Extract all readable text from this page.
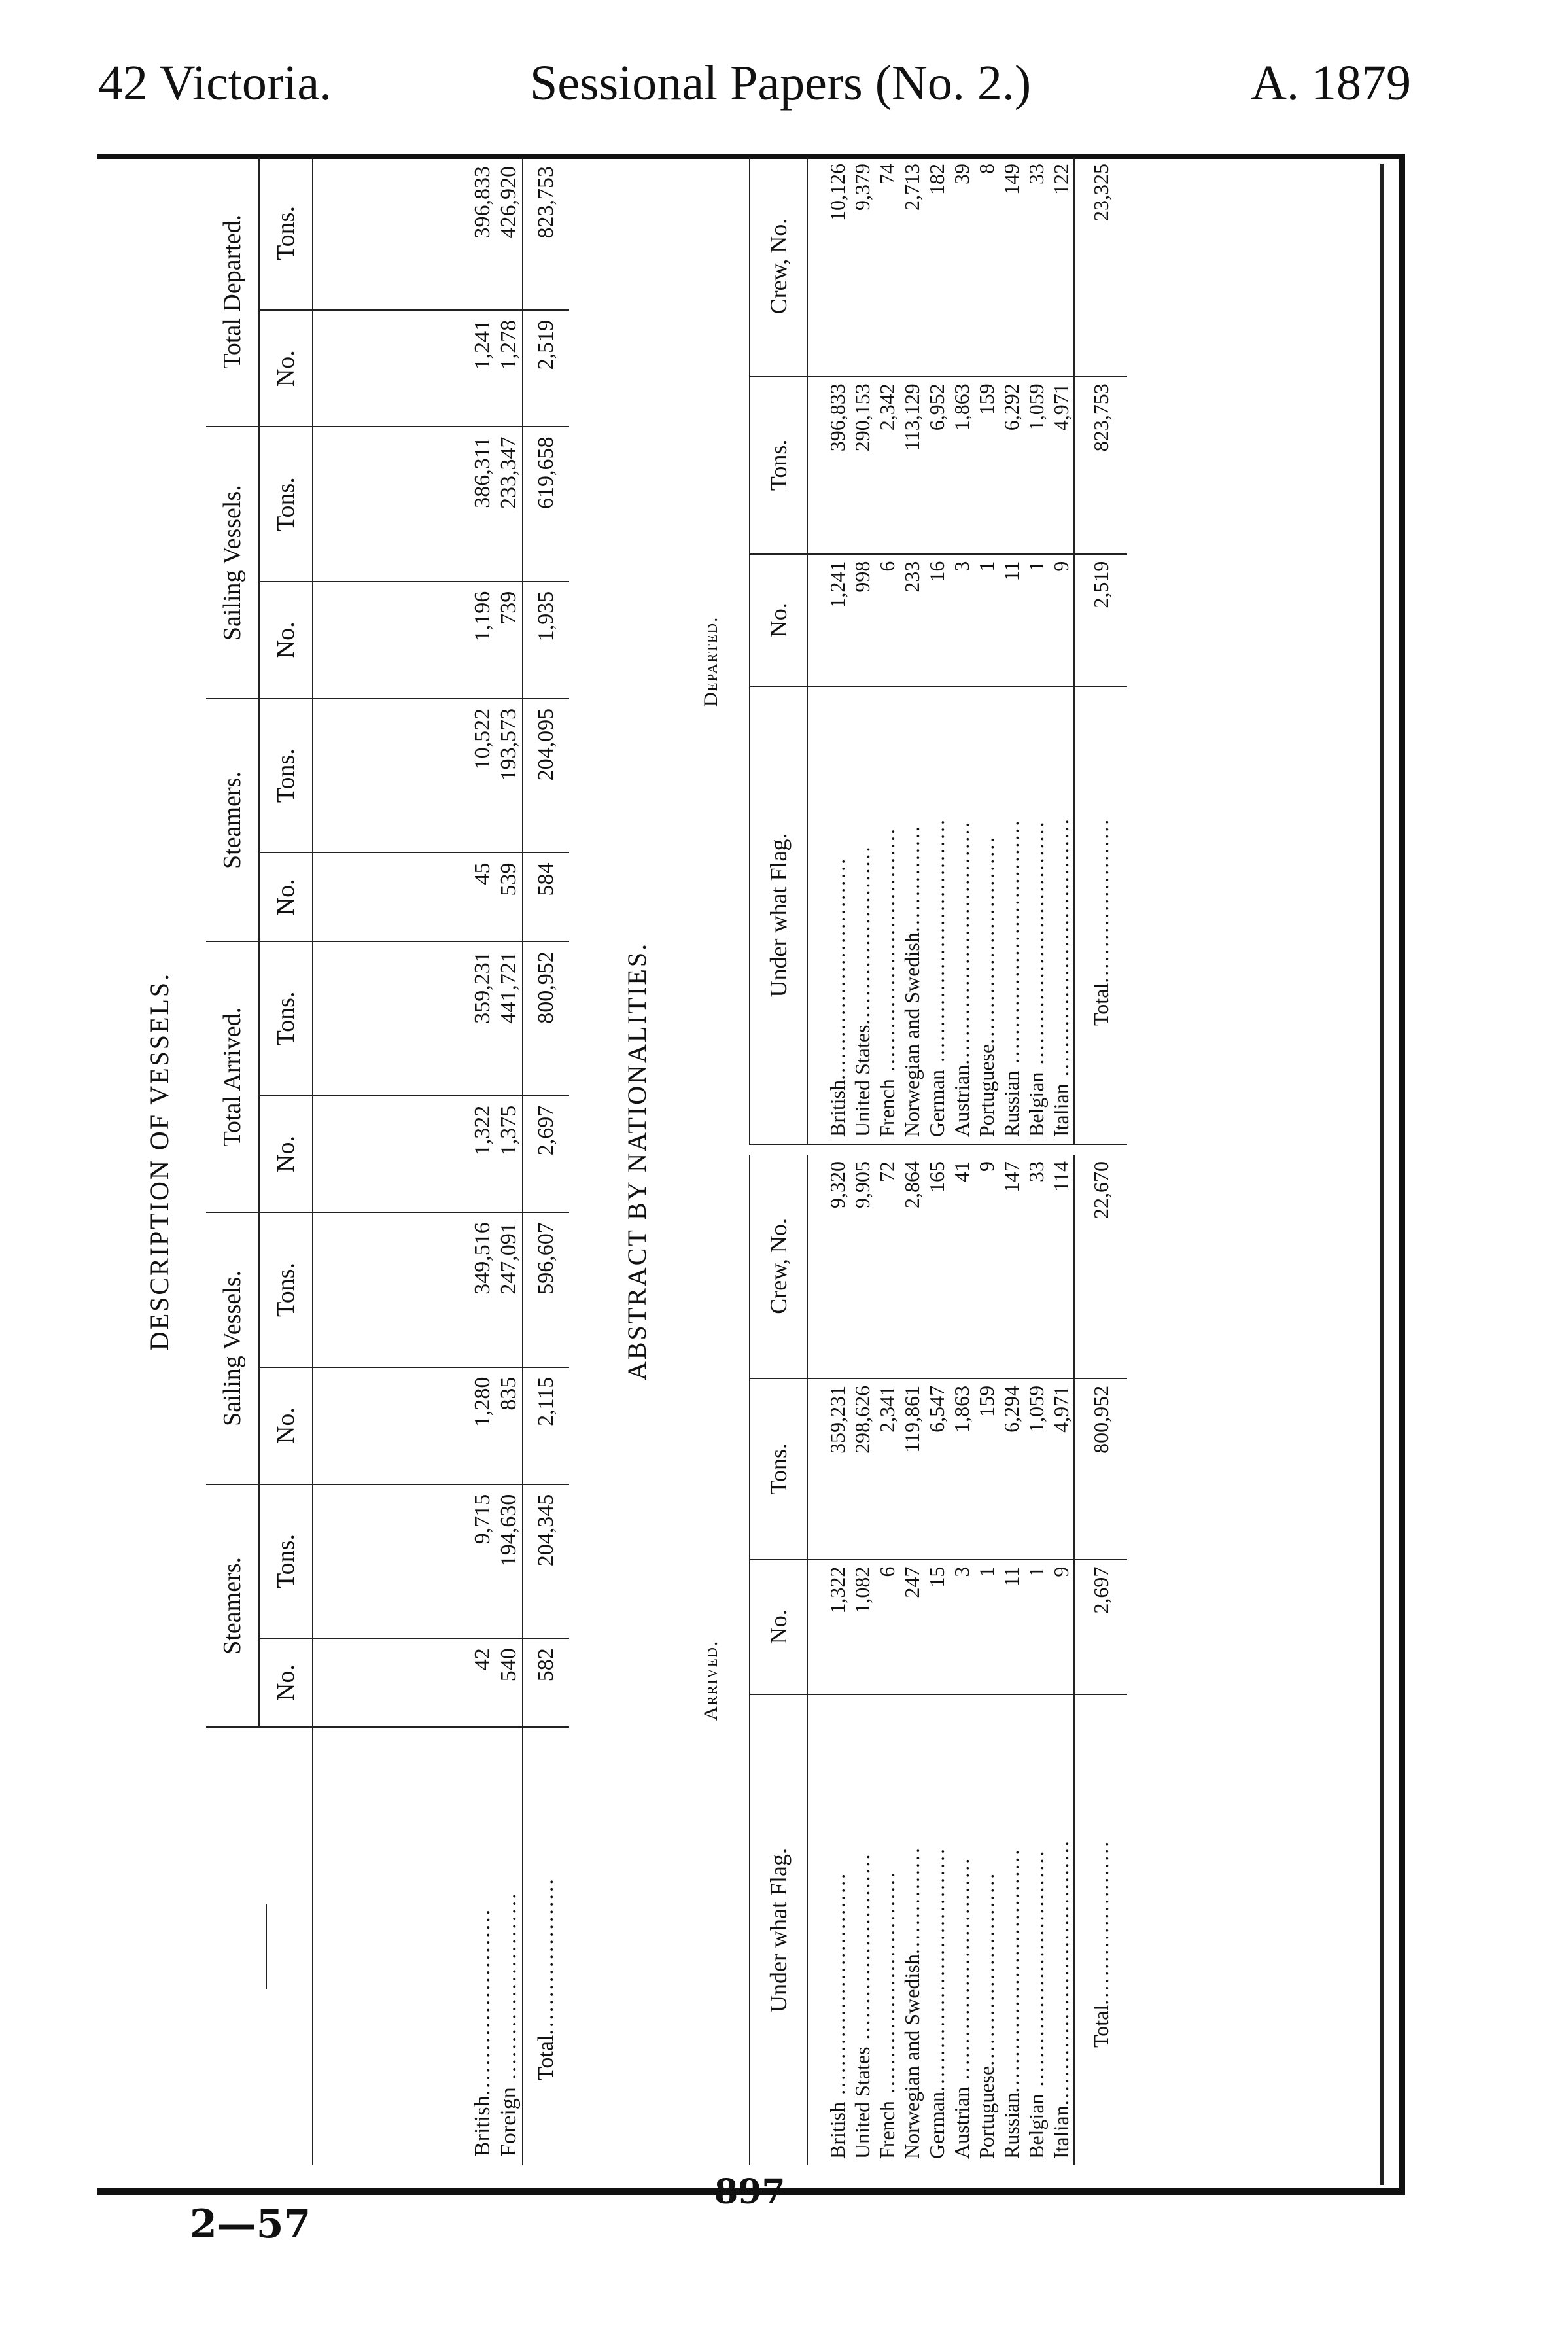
42 Victoria.	Sessional Papers (No. 2.)	A. 1879
DESCRIPTION OF VESSELS.
	Steamers.		Sailing Vessels.		Total Arrived.		Steamers.		Sailing Vessels.		Total Departed.	
	No.	Tons.	No.	Tons.	No.	Tons.	No.	Tons.	No.	Tons.	No.	Tons.

British.........................	42	9,715	1,280	349,516	1,322	359,231	45	10,522	1,196	386,311	1,241	396,833
Foreign .........................	540	194,630	835	247,091	1,375	441,721	539	193,573	739	233,347	1,278	426,920
Total.....................	582	204,345	2,115	596,607	2,697	800,952	584	204,095	1,935	619,658	2,519	823,753
ABSTRACT BY NATIONALITIES.
Arrived.
Departed.
Under what Flag.	No.	Tons.	Crew, No.

British ...............................	1,322	359,231	9,320
United States ..........................	1,082	298,626	9,905
French ...............................	6	2,341	72
Norwegian and Swedish...............	247	119,861	2,864
German..................................	15	6,547	165
Austrian ...............................	3	1,863	41
Portuguese...........................	1	159	9
Russian..................................	11	6,294	147
Belgian .................................	1	1,059	33
Italian.....................................	9	4,971	114
Total.......................	2,697	800,952	22,670
Under what Flag.	No.	Tons.	Crew, No.

British...............................	1,241	396,833	10,126
United States.........................	998	290,153	9,379
French ..................................	6	2,342	74
Norwegian and Swedish...............	233	113,129	2,713
German ..................................	16	6,952	182
Austrian..................................	3	1,863	39
Portuguese.............................	1	159	8
Russian ..................................	11	6,292	149
Belgian ..................................	1	1,059	33
Italian ....................................	9	4,971	122
Total.......................	2,519	823,753	23,325
897
2—57
